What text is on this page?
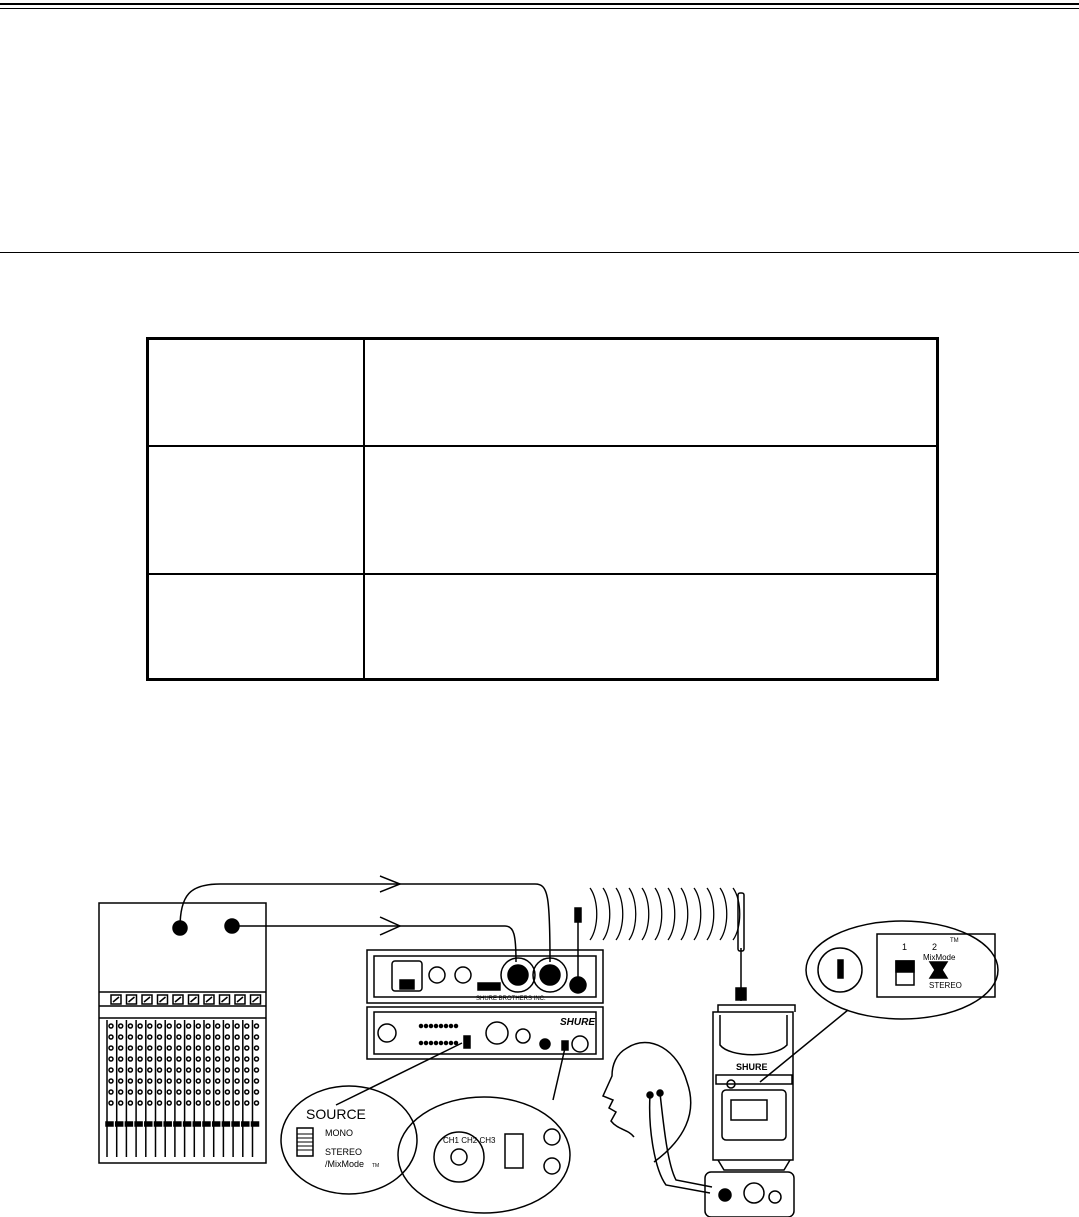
SHURE BROTHERS INC.
SHURE
SOURCE
MONO
STEREO
/MixMode TM
CH1 CH2 CH3
SHURE
1	2
MixMode
TM
STEREO
